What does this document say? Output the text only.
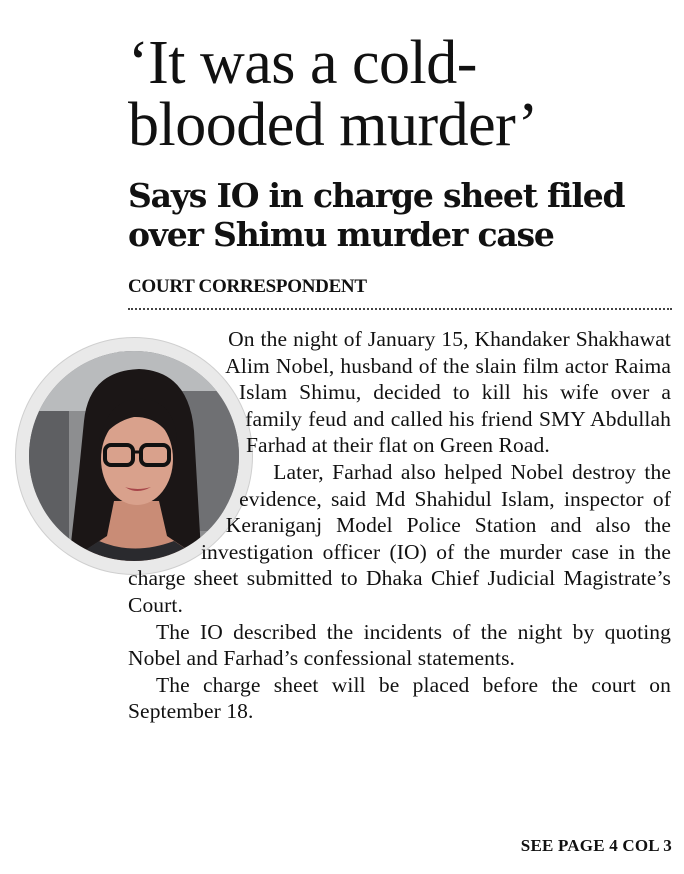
‘It was a cold-blooded murder’
Says IO in charge sheet filed over Shimu murder case
COURT CORRESPONDENT

On the night of January 15, Khandaker Shakhawat Alim Nobel, husband of the slain film actor Raima Islam Shimu, decided to kill his wife over a family feud and called his friend SMY Abdullah Farhad at their flat on Green Road.

Later, Farhad also helped Nobel destroy the evidence, said Md Shahidul Islam, inspector of Keraniganj Model Police Station and also the investigation officer (IO) of the murder case in the charge sheet submitted to Dhaka Chief Judicial Magistrate’s Court.

The IO described the incidents of the night by quoting Nobel and Farhad’s confessional statements.

The charge sheet will be placed before the court on September 18.

SEE PAGE 4 COL 3
